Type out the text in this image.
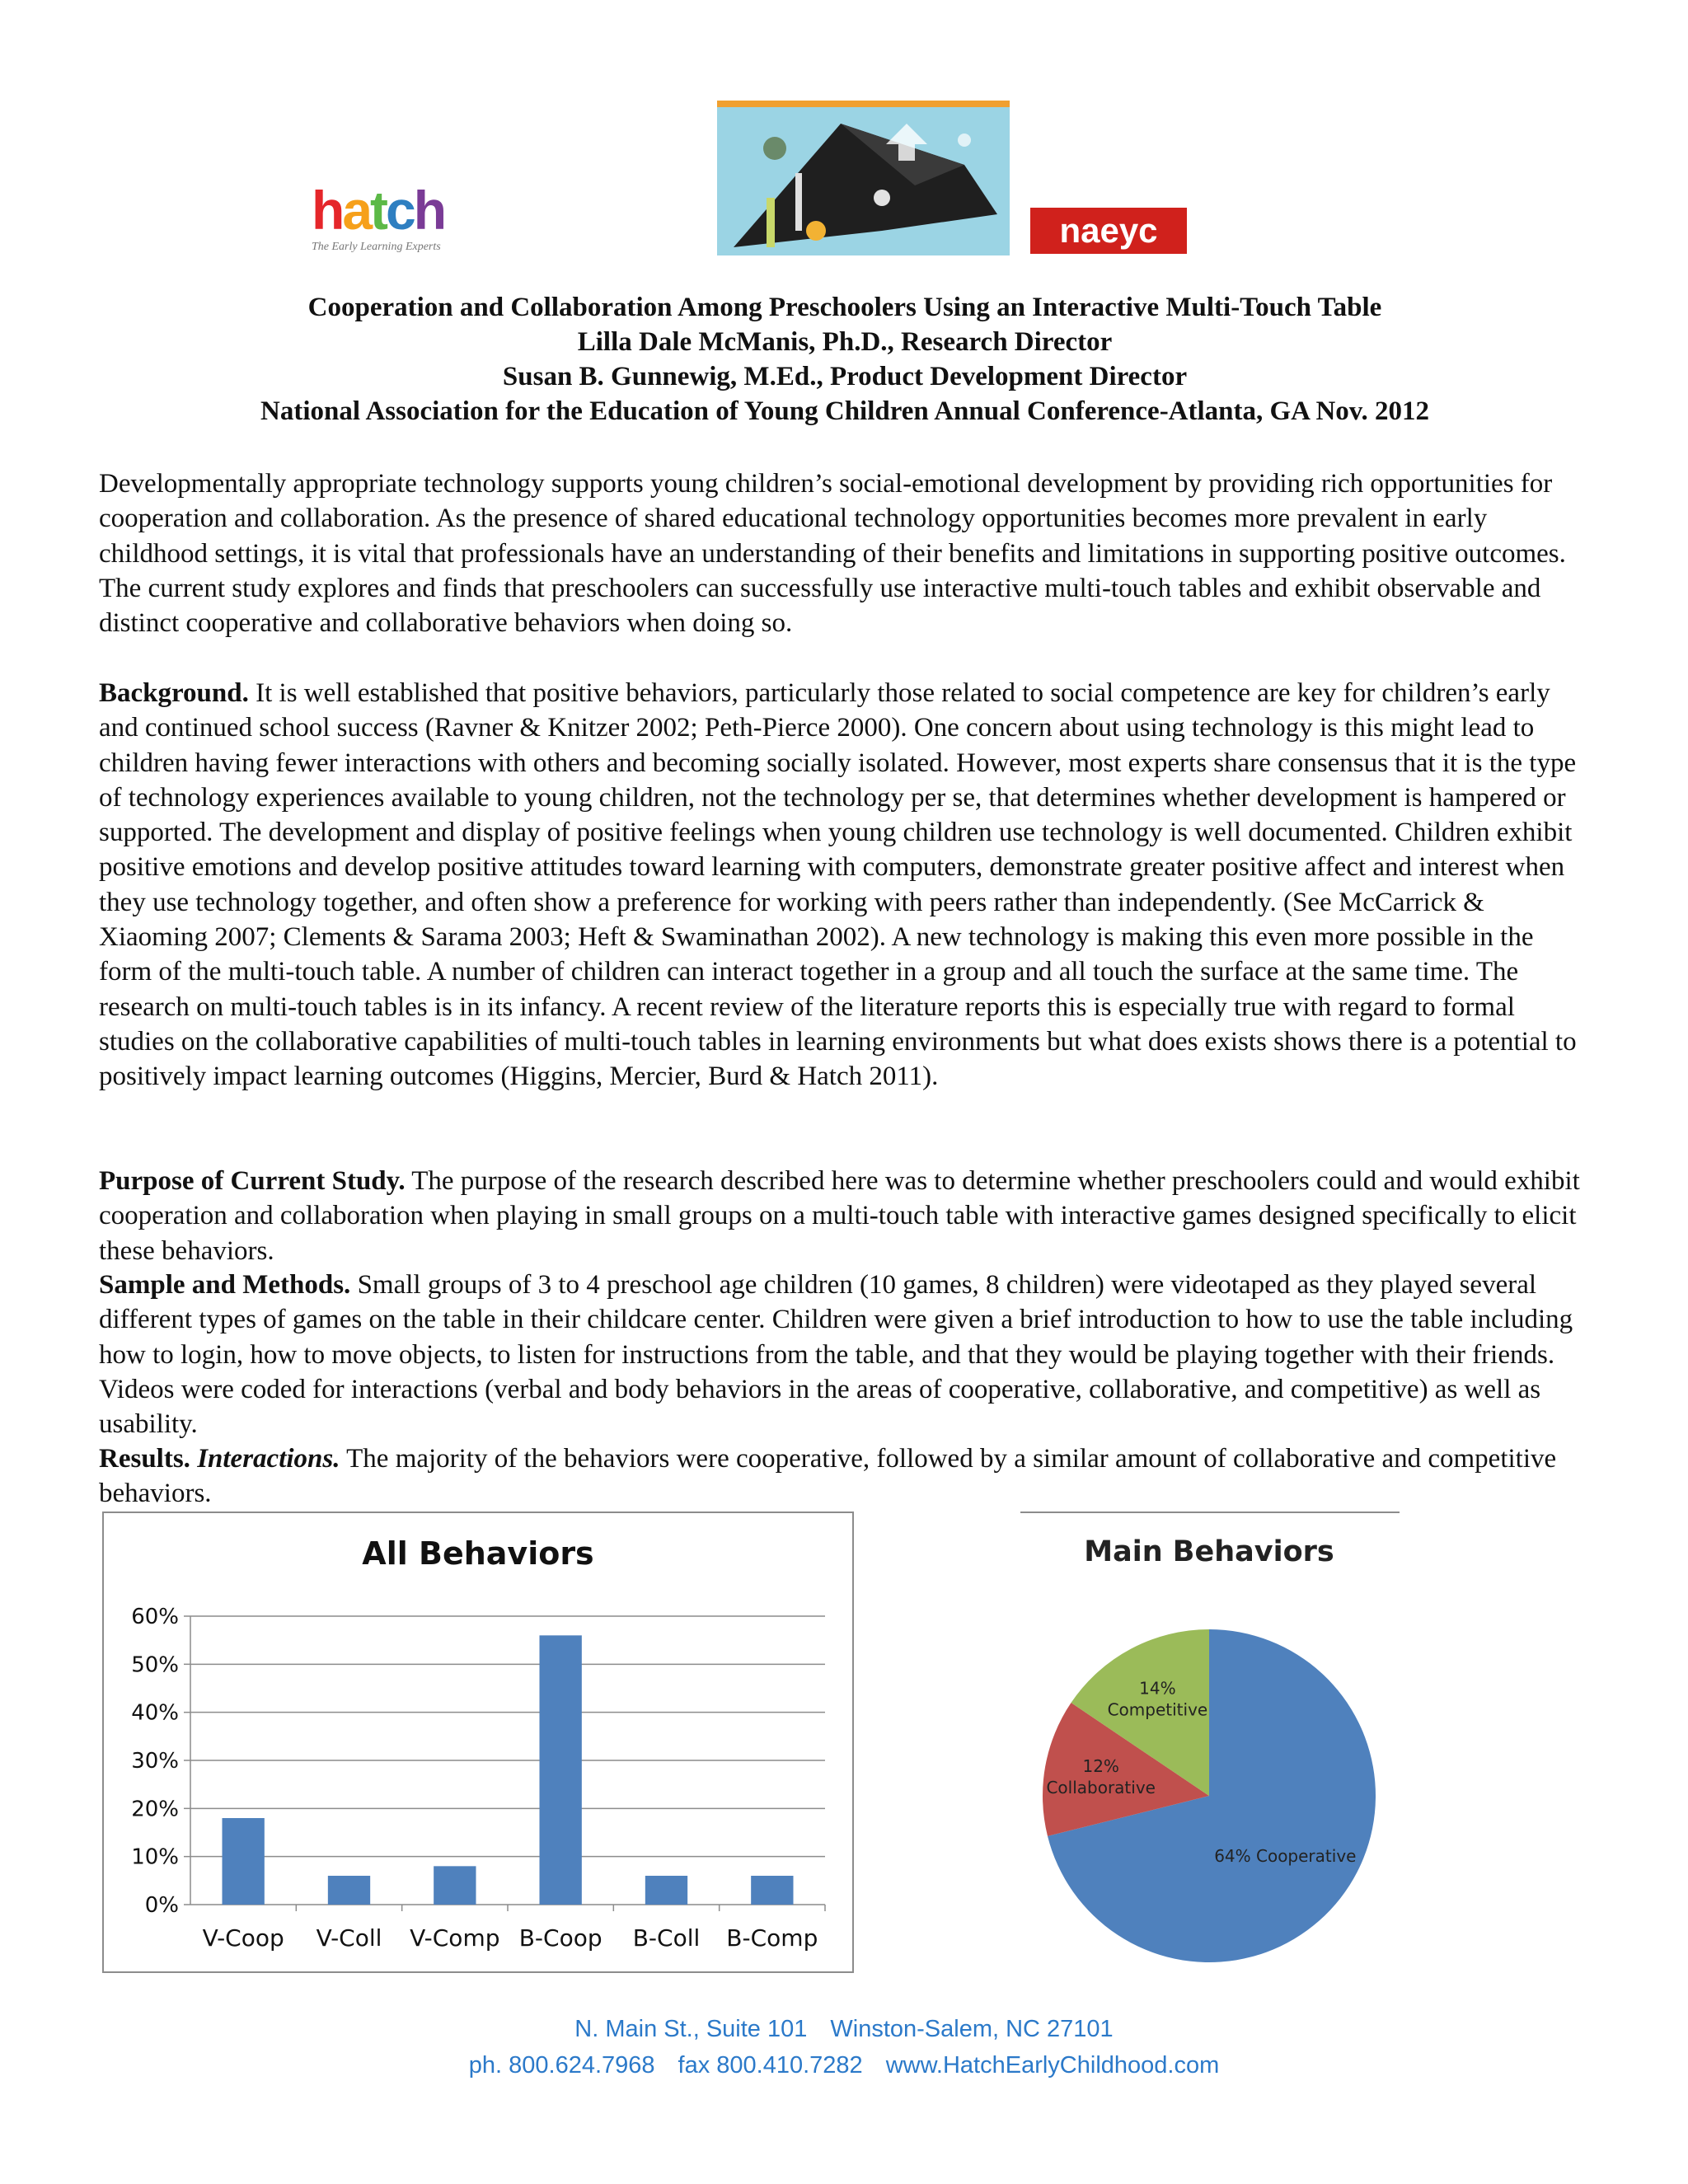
hatch
The Early Learning Experts	naeyc
Cooperation and Collaboration Among Preschoolers Using an Interactive Multi-Touch Table
Lilla Dale McManis, Ph.D., Research Director
Susan B. Gunnewig, M.Ed., Product Development Director
National Association for the Education of Young Children Annual Conference-Atlanta, GA Nov. 2012
Developmentally appropriate technology supports young children’s social-emotional development by providing rich opportunities for cooperation and collaboration. As the presence of shared educational technology opportunities becomes more prevalent in early childhood settings, it is vital that professionals have an understanding of their benefits and limitations in supporting positive outcomes. The current study explores and finds that preschoolers can successfully use interactive multi-touch tables and exhibit observable and distinct cooperative and collaborative behaviors when doing so.
Background. It is well established that positive behaviors, particularly those related to social competence are key for children’s early and continued school success (Ravner & Knitzer 2002; Peth-Pierce 2000). One concern about using technology is this might lead to children having fewer interactions with others and becoming socially isolated. However, most experts share consensus that it is the type of technology experiences available to young children, not the technology per se, that determines whether development is hampered or supported. The development and display of positive feelings when young children use technology is well documented. Children exhibit positive emotions and develop positive attitudes toward learning with computers, demonstrate greater positive affect and interest when they use technology together, and often show a preference for working with peers rather than independently. (See McCarrick & Xiaoming 2007; Clements & Sarama 2003; Heft & Swaminathan 2002). A new technology is making this even more possible in the form of the multi-touch table. A number of children can interact together in a group and all touch the surface at the same time. The research on multi-touch tables is in its infancy. A recent review of the literature reports this is especially true with regard to formal studies on the collaborative capabilities of multi-touch tables in learning environments but what does exists shows there is a potential to positively impact learning outcomes (Higgins, Mercier, Burd & Hatch 2011).
Purpose of Current Study. The purpose of the research described here was to determine whether preschoolers could and would exhibit cooperation and collaboration when playing in small groups on a multi-touch table with interactive games designed specifically to elicit these behaviors.
Sample and Methods. Small groups of 3 to 4 preschool age children (10 games, 8 children) were videotaped as they played several different types of games on the table in their childcare center. Children were given a brief introduction to how to use the table including how to login, how to move objects, to listen for instructions from the table, and that they would be playing together with their friends. Videos were coded for interactions (verbal and body behaviors in the areas of cooperative, collaborative, and competitive) as well as usability.
Results. Interactions. The majority of the behaviors were cooperative, followed by a similar amount of collaborative and competitive behaviors.
All Behaviors
0%
10%
20%
30%
40%
50%
60%
V-Coop V-Coll V-Comp B-Coop B-Coll B-Comp
Main Behaviors
64% Cooperative
12%
Collaborative
14%
Competitive
N. Main St., Suite 101 Winston-Salem, NC 27101
ph. 800.624.7968 fax 800.410.7282 www.HatchEarlyChildhood.com
